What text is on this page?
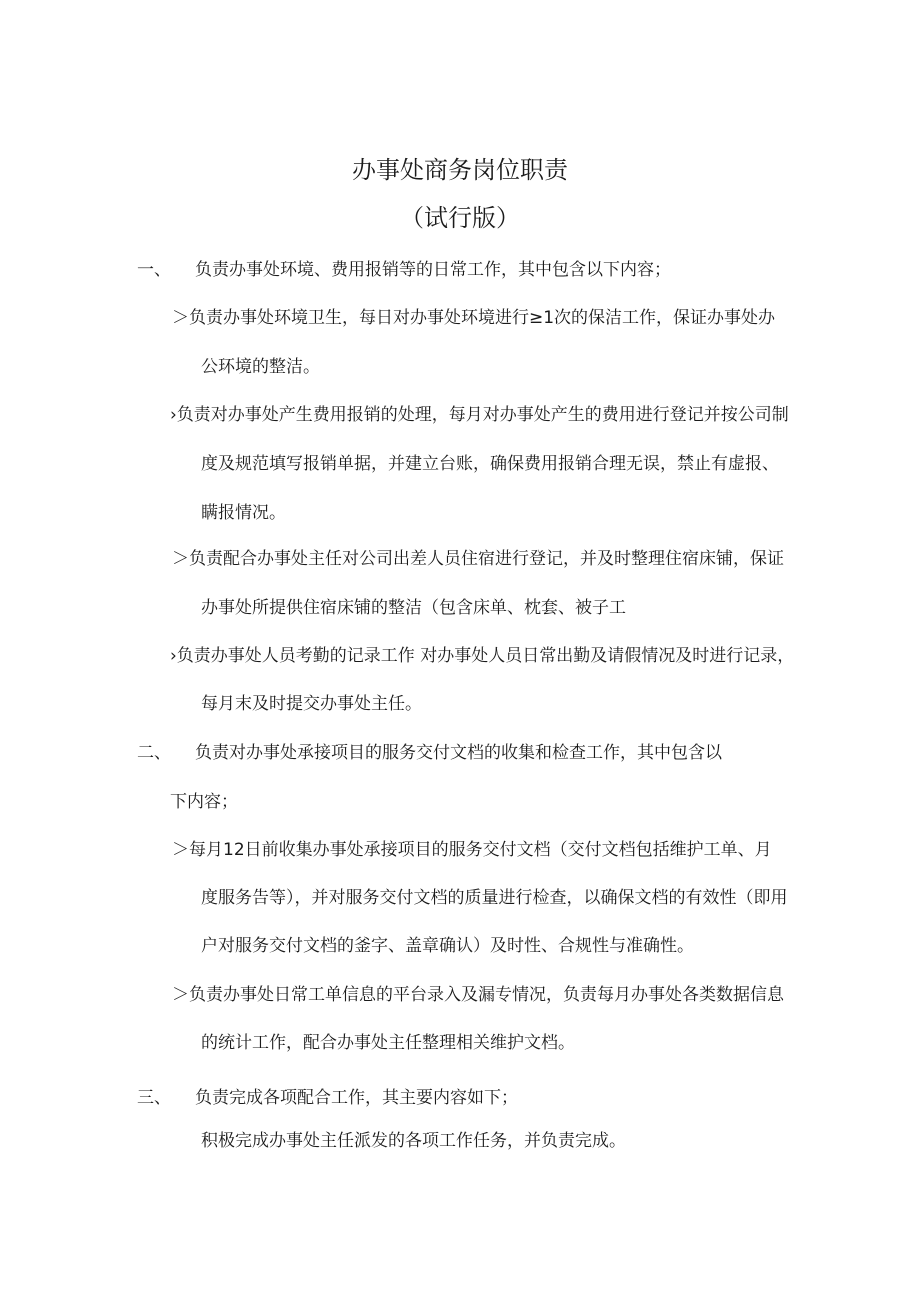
办事处商务岗位职责
（试行版）
一、 负责办事处环境、费用报销等的日常工作，其中包含以下内容；
＞负责办事处环境卫生，每日对办事处环境进行≥1次的保洁工作，保证办事处办
公环境的整洁。
›负责对办事处产生费用报销的处理，每月对办事处产生的费用进行登记并按公司制
度及规范填写报销单据，并建立台账，确保费用报销合理无误，禁止有虚报、
瞒报情况。
＞负责配合办事处主任对公司出差人员住宿进行登记，并及时整理住宿床铺，保证
办事处所提供住宿床铺的整洁（包含床单、枕套、被子工
›负责办事处人员考勤的记录工作 对办事处人员日常出勤及请假情况及时进行记录，
每月末及时提交办事处主任。
二、 负责对办事处承接项目的服务交付文档的收集和检查工作，其中包含以
下内容；
＞每月12日前收集办事处承接项目的服务交付文档（交付文档包括维护工单、月
度服务告等），并对服务交付文档的质量进行检查，以确保文档的有效性（即用
户对服务交付文档的釜字、盖章确认）及时性、合规性与准确性。
＞负责办事处日常工单信息的平台录入及漏专情况，负责每月办事处各类数据信息
的统计工作，配合办事处主任整理相关维护文档。
三、 负责完成各项配合工作，其主要内容如下；
积极完成办事处主任派发的各项工作任务，并负责完成。
